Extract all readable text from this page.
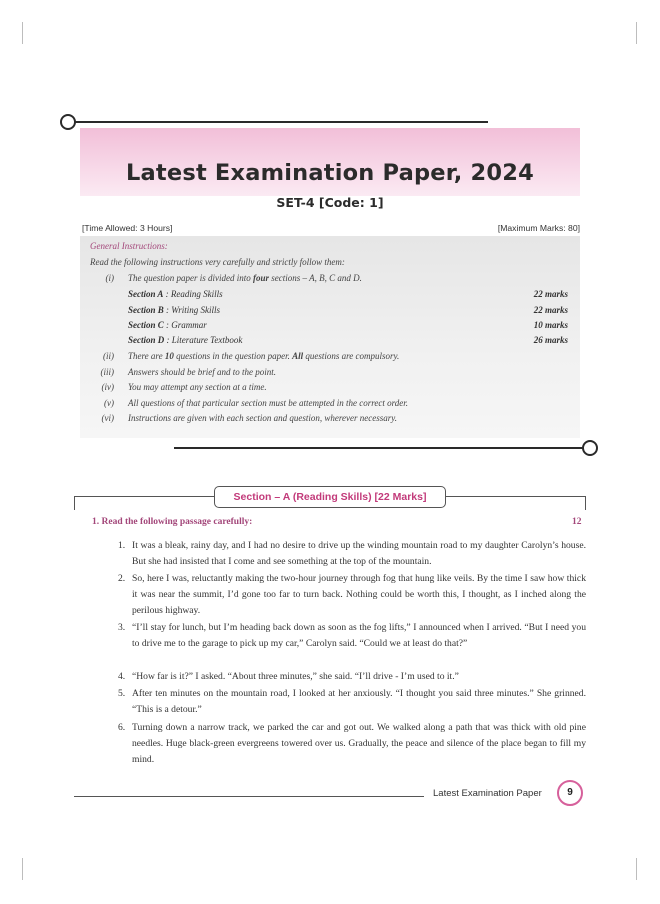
Latest Examination Paper, 2024
SET-4 [Code: 1]
[Time Allowed: 3 Hours]	[Maximum Marks: 80]
General Instructions:
Read the following instructions very carefully and strictly follow them:
(i) The question paper is divided into four sections – A, B, C and D.
Section A : Reading Skills	22 marks
Section B : Writing Skills	22 marks
Section C : Grammar	10 marks
Section D : Literature Textbook	26 marks
(ii) There are 10 questions in the question paper. All questions are compulsory.
(iii) Answers should be brief and to the point.
(iv) You may attempt any section at a time.
(v) All questions of that particular section must be attempted in the correct order.
(vi) Instructions are given with each section and question, wherever necessary.
Section – A (Reading Skills) [22 Marks]
1. Read the following passage carefully:	12
1. It was a bleak, rainy day, and I had no desire to drive up the winding mountain road to my daughter Carolyn’s house. But she had insisted that I come and see something at the top of the mountain.
2. So, here I was, reluctantly making the two-hour journey through fog that hung like veils. By the time I saw how thick it was near the summit, I’d gone too far to turn back. Nothing could be worth this, I thought, as I inched along the perilous highway.
3. “I’ll stay for lunch, but I’m heading back down as soon as the fog lifts,” I announced when I arrived. “But I need you to drive me to the garage to pick up my car,” Carolyn said. “Could we at least do that?”
4. “How far is it?” I asked. “About three minutes,” she said. “I’ll drive - I’m used to it.”
5. After ten minutes on the mountain road, I looked at her anxiously. “I thought you said three minutes.” She grinned. “This is a detour.”
6. Turning down a narrow track, we parked the car and got out. We walked along a path that was thick with old pine needles. Huge black-green evergreens towered over us. Gradually, the peace and silence of the place began to fill my mind.
Latest Examination Paper	9
